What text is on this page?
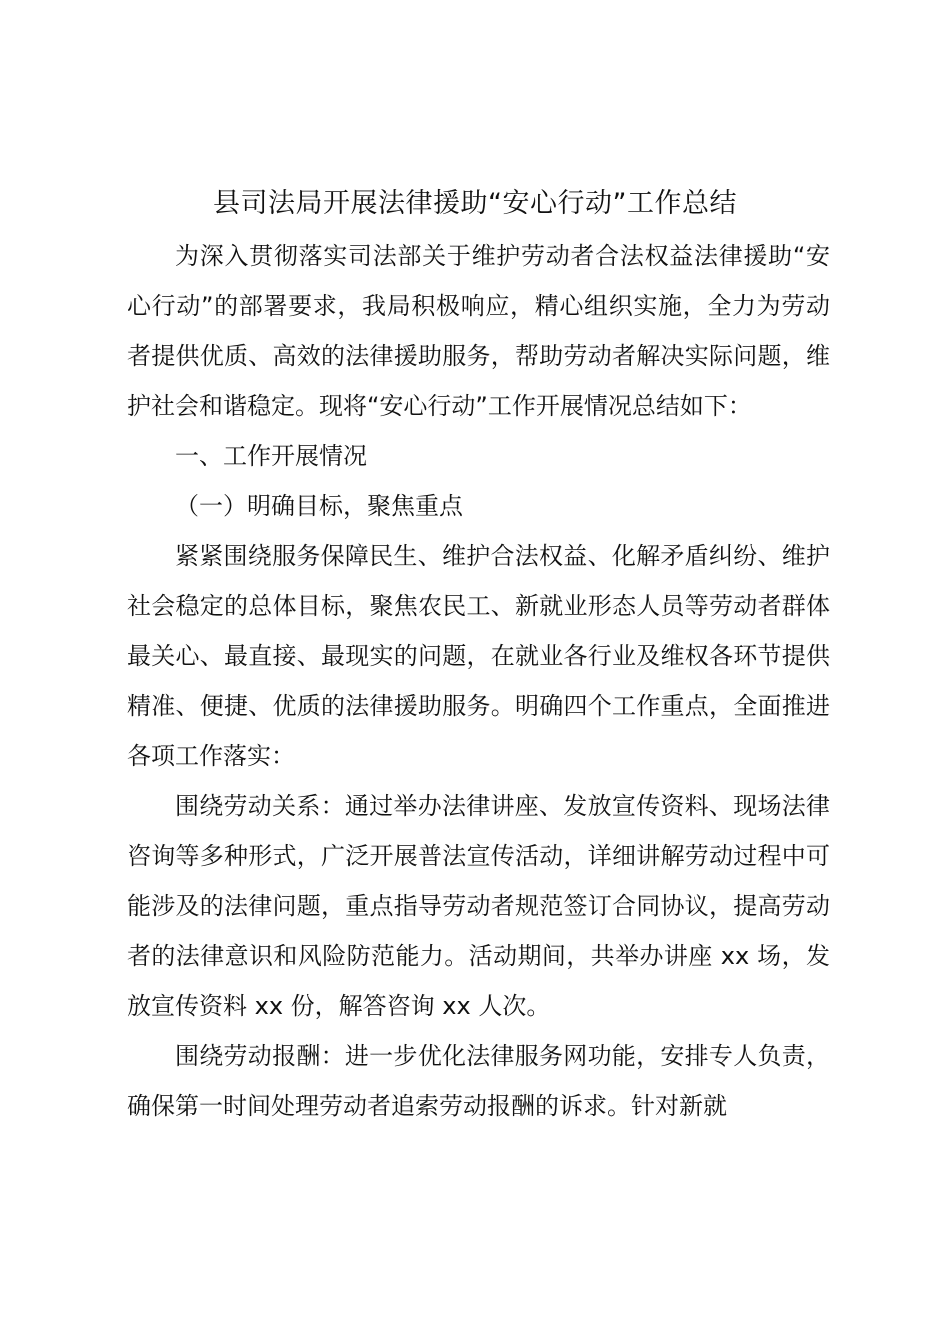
县司法局开展法律援助“安心行动”工作总结

为深入贯彻落实司法部关于维护劳动者合法权益法律援助“安心行动”的部署要求，我局积极响应，精心组织实施，全力为劳动者提供优质、高效的法律援助服务，帮助劳动者解决实际问题，维护社会和谐稳定。现将“安心行动”工作开展情况总结如下：

一、工作开展情况

（一）明确目标，聚焦重点

紧紧围绕服务保障民生、维护合法权益、化解矛盾纠纷、维护社会稳定的总体目标，聚焦农民工、新就业形态人员等劳动者群体最关心、最直接、最现实的问题，在就业各行业及维权各环节提供精准、便捷、优质的法律援助服务。明确四个工作重点，全面推进各项工作落实：

围绕劳动关系：通过举办法律讲座、发放宣传资料、现场法律咨询等多种形式，广泛开展普法宣传活动，详细讲解劳动过程中可能涉及的法律问题，重点指导劳动者规范签订合同协议，提高劳动者的法律意识和风险防范能力。活动期间，共举办讲座 xx 场，发放宣传资料 xx 份，解答咨询 xx 人次。

围绕劳动报酬：进一步优化法律服务网功能，安排专人负责，确保第一时间处理劳动者追索劳动报酬的诉求。针对新就
